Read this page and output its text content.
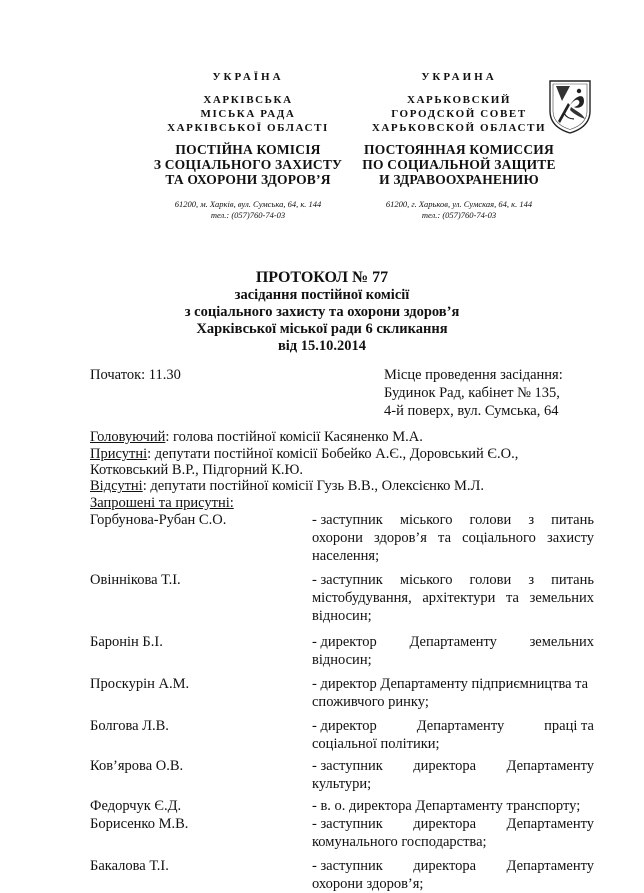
УКРАЇНА
ХАРКІВСЬКА
МІСЬКА РАДА
ХАРКІВСЬКОЇ ОБЛАСТІ
ПОСТІЙНА КОМІСІЯ
З СОЦІАЛЬНОГО ЗАХИСТУ
ТА ОХОРОНИ ЗДОРОВ’Я
61200, м. Харків, вул. Сумська, 64, к. 144
тел.: (057)760-74-03
УКРАИНА
ХАРЬКОВСКИЙ
ГОРОДСКОЙ СОВЕТ
ХАРЬКОВСКОЙ ОБЛАСТИ
ПОСТОЯННАЯ КОМИССИЯ
ПО СОЦИАЛЬНОЙ ЗАЩИТЕ
И ЗДРАВООХРАНЕНИЮ
61200, г. Харьков, ул. Сумская, 64, к. 144
тел.: (057)760-74-03
ПРОТОКОЛ № 77
засідання постійної комісії
з соціального захисту та охорони здоров’я
Харківської міської ради 6 скликання
від 15.10.2014
Початок: 11.30	Місце проведення засідання:
Будинок Рад, кабінет № 135,
4-й поверх, вул. Сумська, 64
Головуючий: голова постійної комісії Касяненко М.А.
Присутні: депутати постійної комісії Бобейко А.Є., Доровський Є.О.,
Котковський В.Р., Підгорний К.Ю.
Відсутні: депутати постійної комісії Гузь В.В., Олексієнко М.Л.
Запрошені та присутні:
Горбунова-Рубан С.О.	- заступник міського голови з питань
охорони здоров’я та соціального захисту населення;
Овіннікова Т.І.	- заступник міського голови з питань
містобудування, архітектури та земельних відносин;
Баронін Б.І.	- директор Департаменту земельних
відносин;
Проскурін А.М.	- директор Департаменту підприємництва та
споживчого ринку;
Болгова Л.В.	- директор	Департаменту	праці та
соціальної політики;
Ков’ярова О.В.	- заступник директора Департаменту
культури;
Федорчук Є.Д.	- в. о. директора Департаменту транспорту;
Борисенко М.В.	- заступник директора Департаменту
комунального господарства;
Бакалова Т.І.	- заступник директора Департаменту
охорони здоров’я;
